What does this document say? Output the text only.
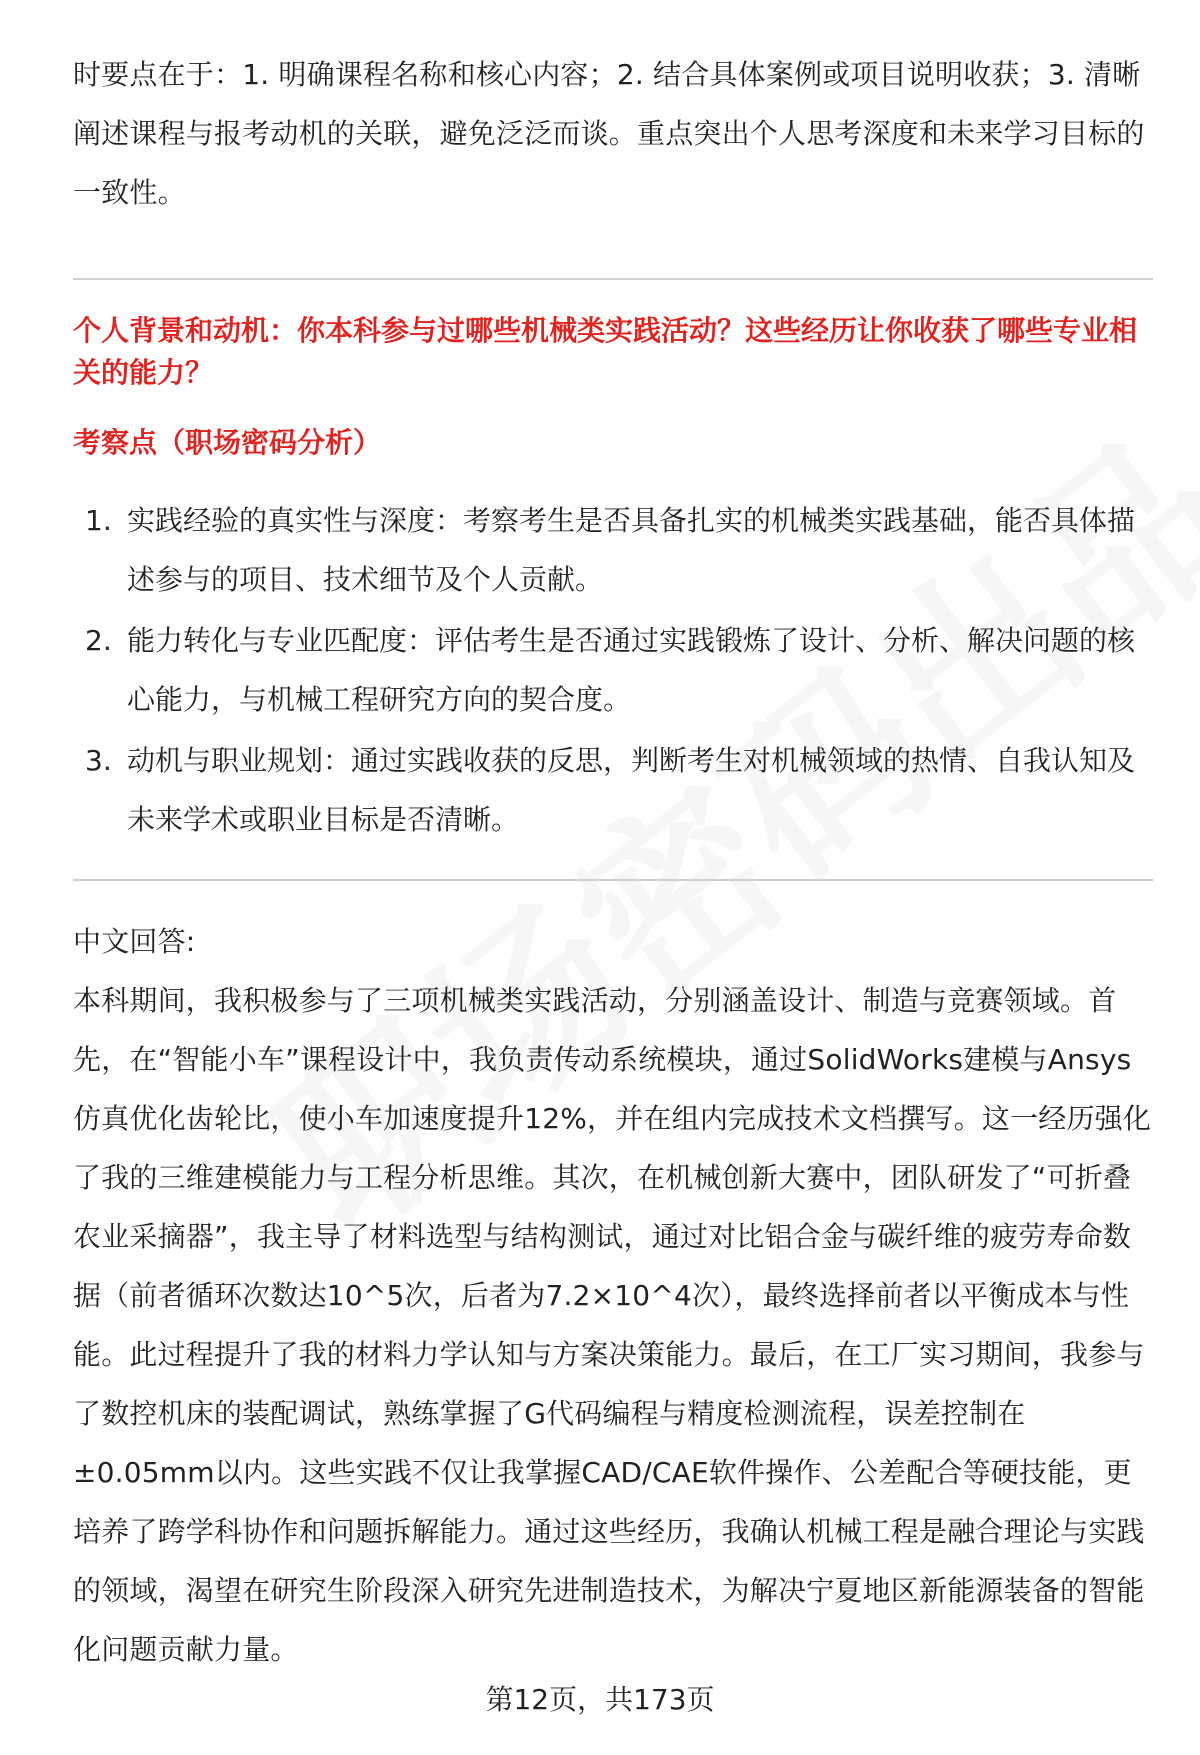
时要点在于：1. 明确课程名称和核心内容；2. 结合具体案例或项目说明收获；3. 清晰阐述课程与报考动机的关联，避免泛泛而谈。重点突出个人思考深度和未来学习目标的一致性。

个人背景和动机：你本科参与过哪些机械类实践活动？这些经历让你收获了哪些专业相关的能力？

考察点（职场密码分析）

1. 实践经验的真实性与深度：考察考生是否具备扎实的机械类实践基础，能否具体描述参与的项目、技术细节及个人贡献。
2. 能力转化与专业匹配度：评估考生是否通过实践锻炼了设计、分析、解决问题的核心能力，与机械工程研究方向的契合度。
3. 动机与职业规划：通过实践收获的反思，判断考生对机械领域的热情、自我认知及未来学术或职业目标是否清晰。

中文回答:

本科期间，我积极参与了三项机械类实践活动，分别涵盖设计、制造与竞赛领域。首先，在“智能小车”课程设计中，我负责传动系统模块，通过SolidWorks建模与Ansys仿真优化齿轮比，使小车加速度提升12%，并在组内完成技术文档撰写。这一经历强化了我的三维建模能力与工程分析思维。其次，在机械创新大赛中，团队研发了“可折叠农业采摘器”，我主导了材料选型与结构测试，通过对比铝合金与碳纤维的疲劳寿命数据（前者循环次数达10^5次，后者为7.2×10^4次），最终选择前者以平衡成本与性能。此过程提升了我的材料力学认知与方案决策能力。最后，在工厂实习期间，我参与了数控机床的装配调试，熟练掌握了G代码编程与精度检测流程，误差控制在±0.05mm以内。这些实践不仅让我掌握CAD/CAE软件操作、公差配合等硬技能，更培养了跨学科协作和问题拆解能力。通过这些经历，我确认机械工程是融合理论与实践的领域，渴望在研究生阶段深入研究先进制造技术，为解决宁夏地区新能源装备的智能化问题贡献力量。

第12页，共173页
